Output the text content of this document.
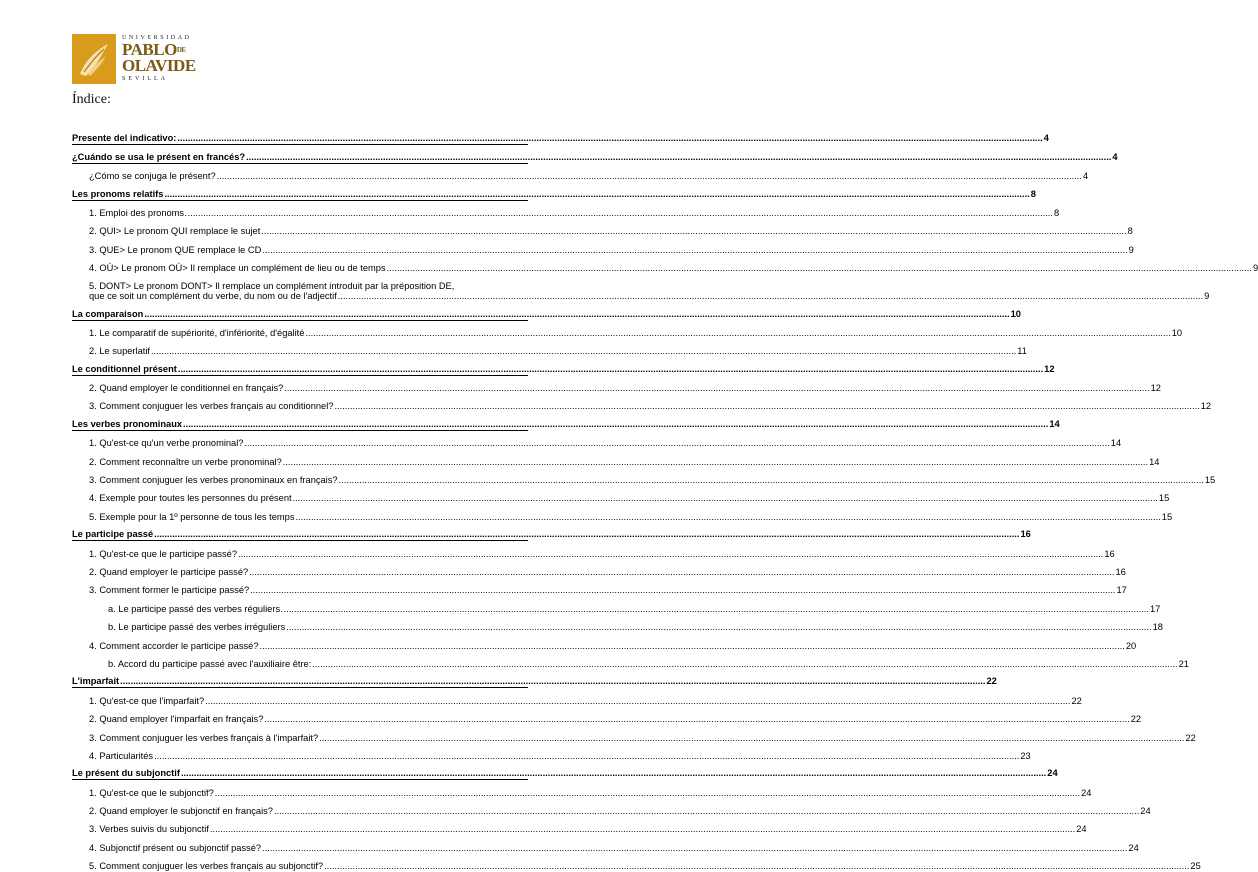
UNIVERSIDAD
$PABLO^{DE}$
OLAVIDE
SEVILLA
Índice:
Presente del indicativo: .....	4
¿Cuándo se usa le présent en francés? .....	4
¿Cómo se conjuga le présent? .....	4
Les pronoms relatifs .....	8
1. Emploi des pronoms. .....	8
2. QUI> Le pronom QUI remplace le sujet .....	8
3. QUE> Le pronom QUE remplace le CD .....	9
4. OÙ> Le pronom OÙ> Il remplace un complément de lieu ou de temps .....	9
5. DONT> Le pronom DONT> Il remplace un complément introduit par la préposition DE,
que ce soit un complément du verbe, du nom ou de l'adjectif .....	9
La comparaison .....	10
1. Le comparatif de supériorité, d'infériorité, d'égalité .....	10
2. Le superlatif .....	11
Le conditionnel présent .....	12
2. Quand employer le conditionnel en français? .....	12
3. Comment conjuguer les verbes français au conditionnel? .....	12
Les verbes pronominaux .....	14
1. Qu'est-ce qu'un verbe pronominal? .....	14
2. Comment reconnaître un verbe pronominal? .....	14
3. Comment conjuguer les verbes pronominaux en français? .....	15
4. Exemple pour toutes les personnes du présent .....	15
5. Exemple pour la 1º personne de tous les temps .....	15
Le participe passé .....	16
1. Qu'est-ce que le participe passé? .....	16
2. Quand employer le participe passé? .....	16
3. Comment former le participe passé? .....	17
a. Le participe passé des verbes réguliers. .....	17
b. Le participe passé des verbes irréguliers .....	18
4. Comment accorder le participe passé? .....	20
b. Accord du participe passé avec l'auxiliaire être: .....	21
L'imparfait .....	22
1. Qu'est-ce que l'imparfait? .....	22
2. Quand employer l'imparfait en français? .....	22
3. Comment conjuguer les verbes français à l'imparfait? .....	22
4. Particularités .....	23
Le présent du subjonctif .....	24
1. Qu'est-ce que le subjonctif? .....	24
2. Quand employer le subjonctif en français? .....	24
3. Verbes suivis du subjonctif .....	24
4. Subjonctif présent ou subjonctif passé? .....	24
5. Comment conjuguer les verbes français au subjonctif? .....	25
